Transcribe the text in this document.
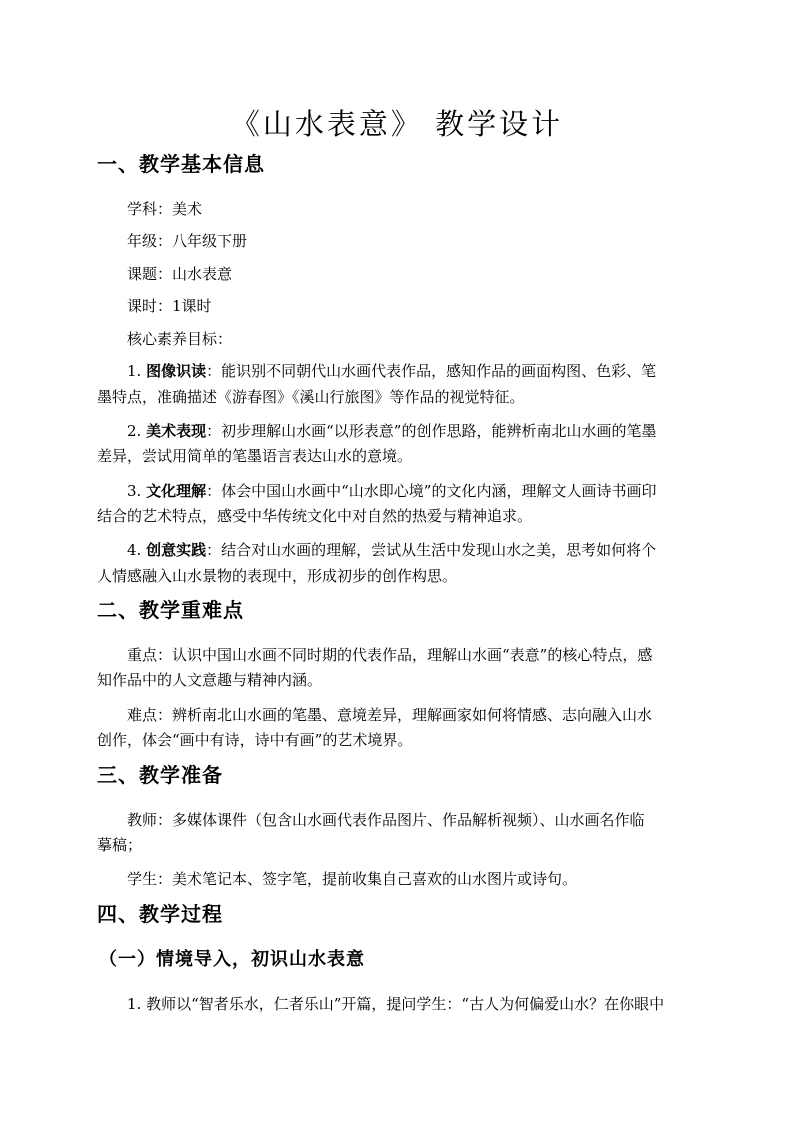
《山水表意》 教学设计
一、教学基本信息
学科：美术
年级：八年级下册
课题：山水表意
课时：1课时
核心素养目标：
1. 图像识读：能识别不同朝代山水画代表作品，感知作品的画面构图、色彩、笔
墨特点，准确描述《游春图》《溪山行旅图》等作品的视觉特征。
2. 美术表现：初步理解山水画“以形表意”的创作思路，能辨析南北山水画的笔墨
差异，尝试用简单的笔墨语言表达山水的意境。
3. 文化理解：体会中国山水画中“山水即心境”的文化内涵，理解文人画诗书画印
结合的艺术特点，感受中华传统文化中对自然的热爱与精神追求。
4. 创意实践：结合对山水画的理解，尝试从生活中发现山水之美，思考如何将个
人情感融入山水景物的表现中，形成初步的创作构思。
二、教学重难点
重点：认识中国山水画不同时期的代表作品，理解山水画“表意”的核心特点，感
知作品中的人文意趣与精神内涵。
难点：辨析南北山水画的笔墨、意境差异，理解画家如何将情感、志向融入山水
创作，体会“画中有诗，诗中有画”的艺术境界。
三、教学准备
教师：多媒体课件（包含山水画代表作品图片、作品解析视频）、山水画名作临
摹稿；
学生：美术笔记本、签字笔，提前收集自己喜欢的山水图片或诗句。
四、教学过程
（一）情境导入，初识山水表意
1. 教师以“智者乐水，仁者乐山”开篇，提问学生：“古人为何偏爱山水？在你眼中
